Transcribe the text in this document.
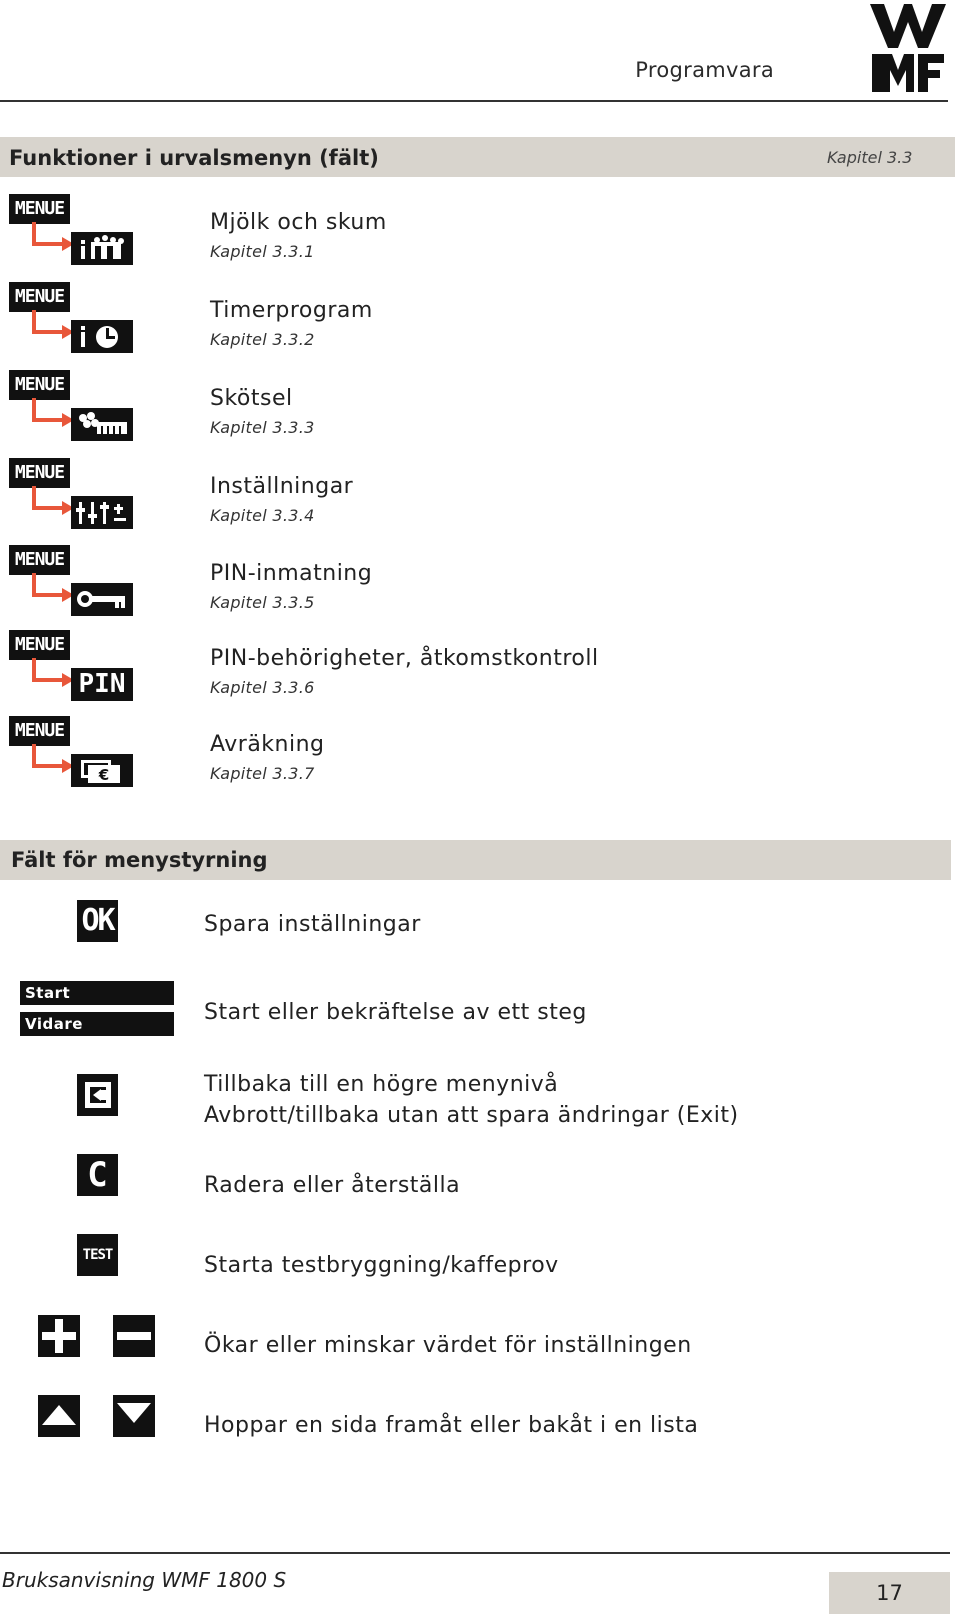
Programvara
Funktioner i urvalsmenyn (fält)	Kapitel 3.3
MENUE
Mjölk och skum
Kapitel 3.3.1
MENUE
Timerprogram
Kapitel 3.3.2
MENUE
Skötsel
Kapitel 3.3.3
MENUE
Inställningar
Kapitel 3.3.4
MENUE
PIN-inmatning
Kapitel 3.3.5
MENUE
PIN
PIN-behörigheter, åtkomstkontroll
Kapitel 3.3.6
MENUE
€
Avräkning
Kapitel 3.3.7
Fält för menystyrning
OK	Spara inställningar
Start
Vidare	Start eller bekräftelse av ett steg
Tillbaka till en högre menynivå
Avbrott/tillbaka utan att spara ändringar (Exit)
C	Radera eller återställa
TEST	Starta testbryggning/kaffeprov
Ökar eller minskar värdet för inställningen
Hoppar en sida framåt eller bakåt i en lista
Bruksanvisning WMF 1800 S
17
